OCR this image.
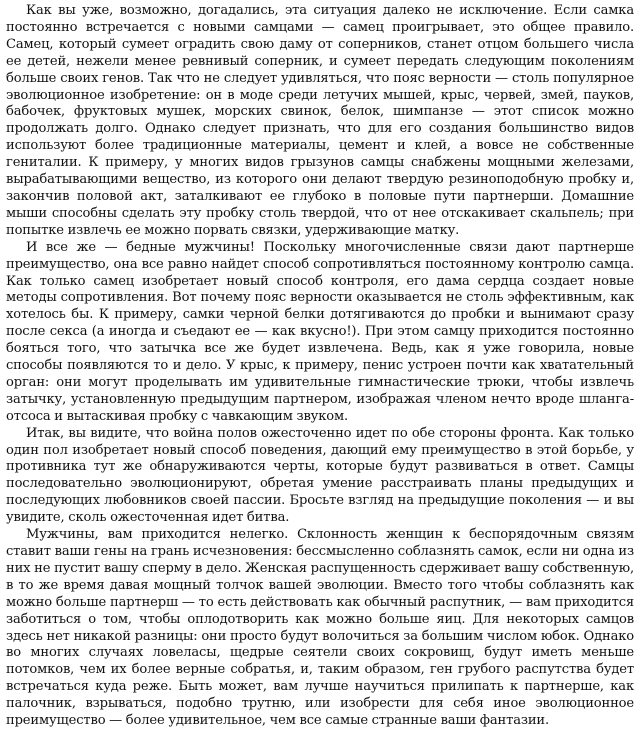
Как вы уже, возможно, догадались, эта ситуация далеко не исключение. Если самка постоянно встречается с новыми самцами — самец проигрывает, это общее правило. Самец, который сумеет оградить свою даму от соперников, станет отцом большего числа ее детей, нежели менее ревнивый соперник, и сумеет передать следующим поколениям больше своих генов. Так что не следует удивляться, что пояс верности — столь популярное эволюционное изобретение: он в моде среди летучих мышей, крыс, червей, змей, пауков, бабочек, фруктовых мушек, морских свинок, белок, шимпанзе — этот список можно продолжать долго. Однако следует признать, что для его создания большинство видов используют более традиционные материалы, цемент и клей, а вовсе не собственные гениталии. К примеру, у многих видов грызунов самцы снабжены мощными железами, вырабатывающими вещество, из которого они делают твердую резиноподобную пробку и, закончив половой акт, заталкивают ее глубоко в половые пути партнерши. Домашние мыши способны сделать эту пробку столь твердой, что от нее отскакивает скальпель; при попытке извлечь ее можно порвать связки, удерживающие матку.

И все же — бедные мужчины! Поскольку многочисленные связи дают партнерше преимущество, она все равно найдет способ сопротивляться постоянному контролю самца. Как только самец изобретает новый способ контроля, его дама сердца создает новые методы сопротивления. Вот почему пояс верности оказывается не столь эффективным, как хотелось бы. К примеру, самки черной белки дотягиваются до пробки и вынимают сразу после секса (а иногда и съедают ее — как вкусно!). При этом самцу приходится постоянно бояться того, что затычка все же будет извлечена. Ведь, как я уже говорила, новые способы появляются то и дело. У крыс, к примеру, пенис устроен почти как хватательный орган: они могут проделывать им удивительные гимнастические трюки, чтобы извлечь затычку, установленную предыдущим партнером, изображая членом нечто вроде шланга-отсоса и вытаскивая пробку с чавкающим звуком.

Итак, вы видите, что война полов ожесточенно идет по обе стороны фронта. Как только один пол изобретает новый способ поведения, дающий ему преимущество в этой борьбе, у противника тут же обнаруживаются черты, которые будут развиваться в ответ. Самцы последовательно эволюционируют, обретая умение расстраивать планы предыдущих и последующих любовников своей пассии. Бросьте взгляд на предыдущие поколения — и вы увидите, сколь ожесточенная идет битва.

Мужчины, вам приходится нелегко. Склонность женщин к беспорядочным связям ставит ваши гены на грань исчезновения: бессмысленно соблазнять самок, если ни одна из них не пустит вашу сперму в дело. Женская распущенность сдерживает вашу собственную, в то же время давая мощный толчок вашей эволюции. Вместо того чтобы соблазнять как можно больше партнерш — то есть действовать как обычный распутник, — вам приходится заботиться о том, чтобы оплодотворить как можно больше яиц. Для некоторых самцов здесь нет никакой разницы: они просто будут волочиться за большим числом юбок. Однако во многих случаях ловеласы, щедрые сеятели своих сокровищ, будут иметь меньше потомков, чем их более верные собратья, и, таким образом, ген грубого распутства будет встречаться куда реже. Быть может, вам лучше научиться прилипать к партнерше, как палочник, взрываться, подобно трутню, или изобрести для себя иное эволюционное преимущество — более удивительное, чем все самые странные ваши фантазии.
